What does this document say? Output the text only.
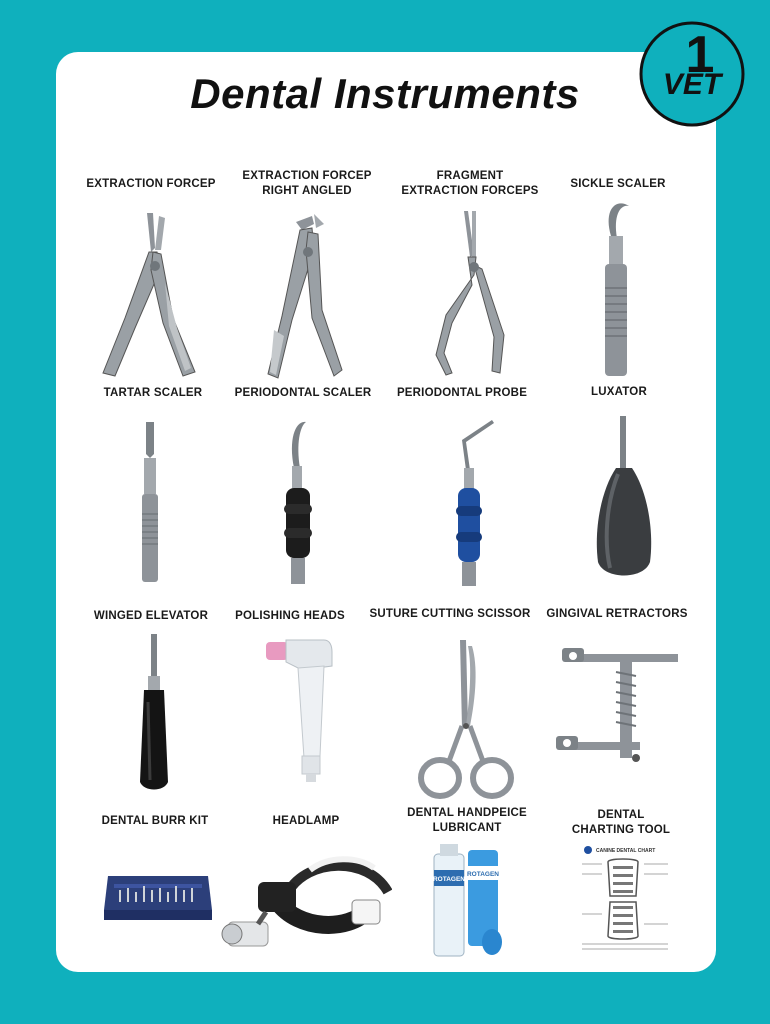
Dental Instruments
1
VET
EXTRACTION FORCEP
EXTRACTION FORCEP
RIGHT ANGLED
FRAGMENT
EXTRACTION FORCEPS
SICKLE SCALER
TARTAR SCALER	PERIODONTAL SCALER	PERIODONTAL PROBE	LUXATOR
WINGED ELEVATOR	POLISHING HEADS	SUTURE CUTTING SCISSOR	GINGIVAL RETRACTORS
DENTAL BURR KIT	HEADLAMP
DENTAL HANDPEICE
LUBRICANT
DENTAL
CHARTING TOOL
ROTAGEN
ROTAGEN
CANINE DENTAL CHART
